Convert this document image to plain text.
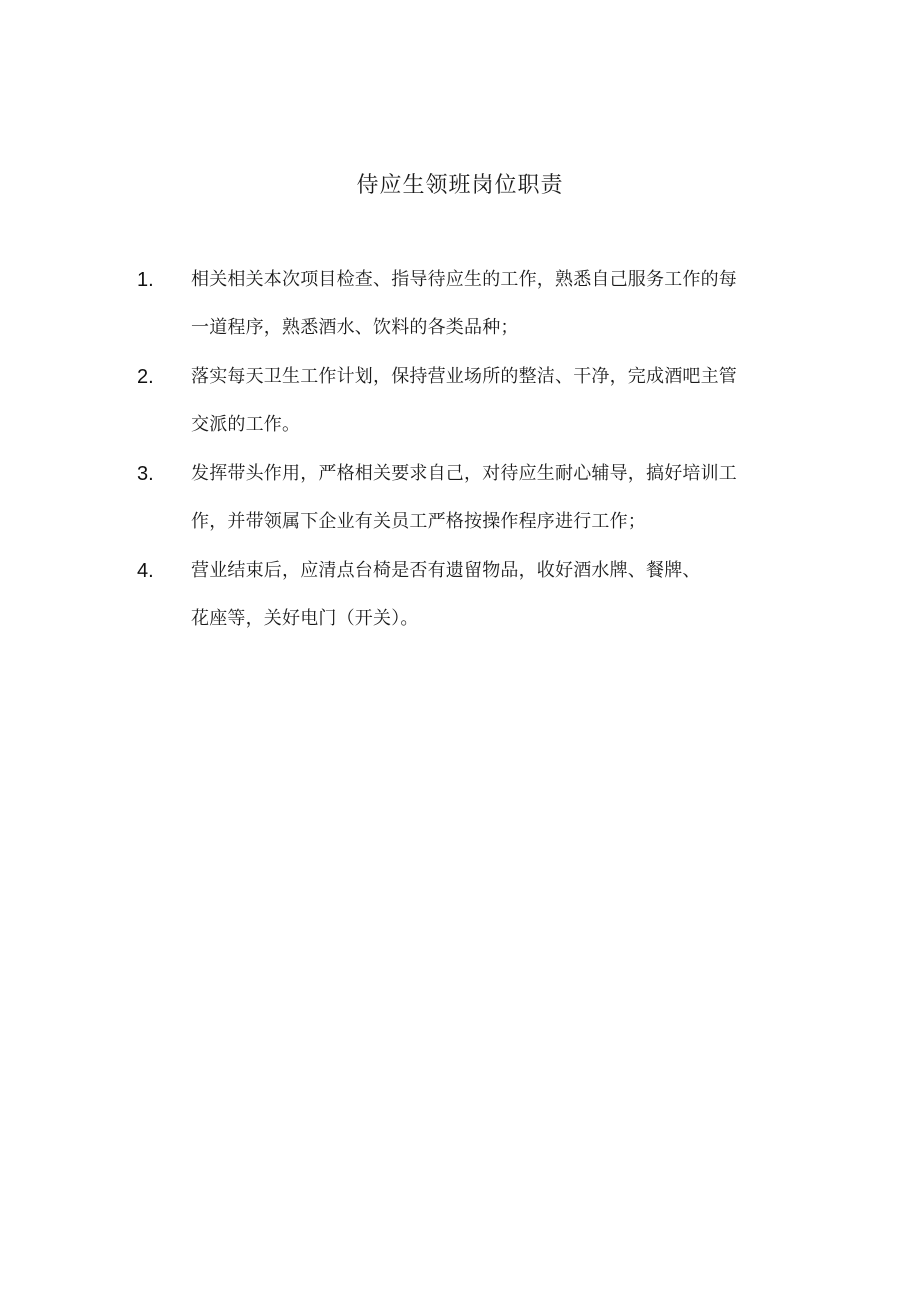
侍应生领班岗位职责
1. 相关相关本次项目检查、指导待应生的工作，熟悉自己服务工作的每
一道程序，熟悉酒水、饮料的各类品种；
2. 落实每天卫生工作计划，保持营业场所的整洁、干净，完成酒吧主管
交派的工作。
3. 发挥带头作用，严格相关要求自己，对待应生耐心辅导，搞好培训工
作，并带领属下企业有关员工严格按操作程序进行工作；
4. 营业结束后，应清点台椅是否有遗留物品，收好酒水牌、餐牌、
花座等，关好电门（开关）。
